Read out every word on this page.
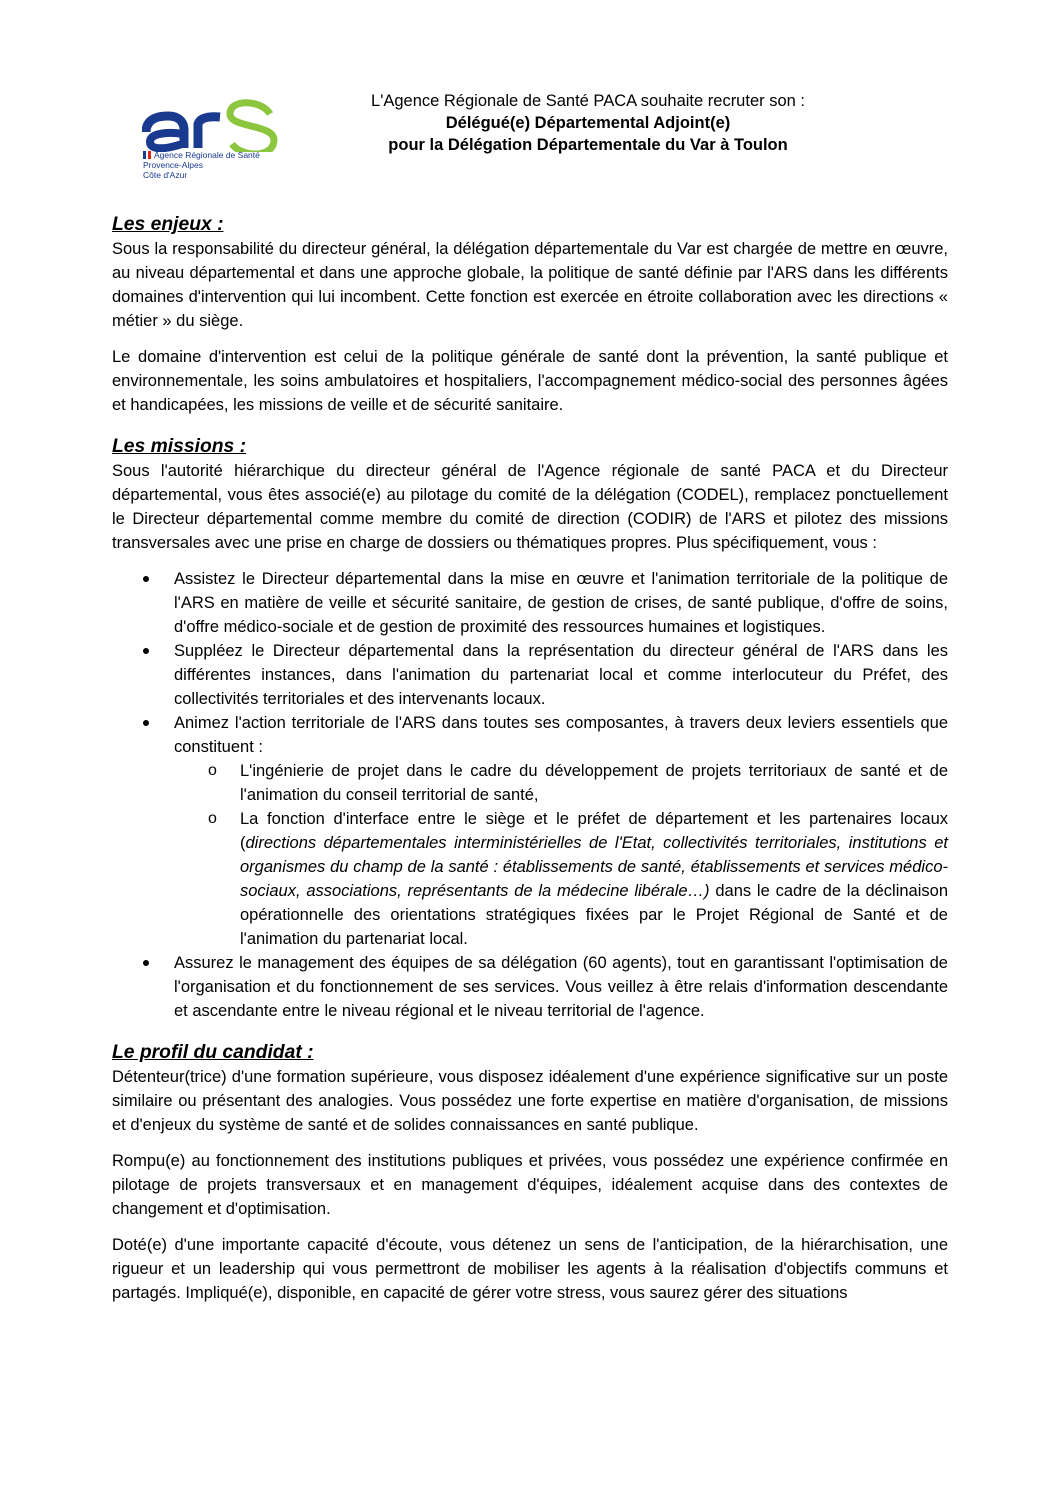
Agence Régionale de Santé
Provence-Alpes
Côte d'Azur
L'Agence Régionale de Santé PACA souhaite recruter son :
Délégué(e) Départemental Adjoint(e)
pour la Délégation Départementale du Var à Toulon
Les enjeux :

Sous la responsabilité du directeur général, la délégation départementale du Var est chargée de mettre en œuvre, au niveau départemental et dans une approche globale, la politique de santé définie par l'ARS dans les différents domaines d'intervention qui lui incombent. Cette fonction est exercée en étroite collaboration avec les directions « métier » du siège.

Le domaine d'intervention est celui de la politique générale de santé dont la prévention, la santé publique et environnementale, les soins ambulatoires et hospitaliers, l'accompagnement médico-social des personnes âgées et handicapées, les missions de veille et de sécurité sanitaire.

Les missions :

Sous l'autorité hiérarchique du directeur général de l'Agence régionale de santé PACA et du Directeur départemental, vous êtes associé(e) au pilotage du comité de la délégation (CODEL), remplacez ponctuellement le Directeur départemental comme membre du comité de direction (CODIR) de l'ARS et pilotez des missions transversales avec une prise en charge de dossiers ou thématiques propres. Plus spécifiquement, vous :

Assistez le Directeur départemental dans la mise en œuvre et l'animation territoriale de la politique de l'ARS en matière de veille et sécurité sanitaire, de gestion de crises, de santé publique, d'offre de soins, d'offre médico-sociale et de gestion de proximité des ressources humaines et logistiques.
Suppléez le Directeur départemental dans la représentation du directeur général de l'ARS dans les différentes instances, dans l'animation du partenariat local et comme interlocuteur du Préfet, des collectivités territoriales et des intervenants locaux.
Animez l'action territoriale de l'ARS dans toutes ses composantes, à travers deux leviers essentiels que constituent :
o L'ingénierie de projet dans le cadre du développement de projets territoriaux de santé et de l'animation du conseil territorial de santé,
o La fonction d'interface entre le siège et le préfet de département et les partenaires locaux (directions départementales interministérielles de l'Etat, collectivités territoriales, institutions et organismes du champ de la santé : établissements de santé, établissements et services médico-sociaux, associations, représentants de la médecine libérale…) dans le cadre de la déclinaison opérationnelle des orientations stratégiques fixées par le Projet Régional de Santé et de l'animation du partenariat local.
Assurez le management des équipes de sa délégation (60 agents), tout en garantissant l'optimisation de l'organisation et du fonctionnement de ses services. Vous veillez à être relais d'information descendante et ascendante entre le niveau régional et le niveau territorial de l'agence.
Le profil du candidat :

Détenteur(trice) d'une formation supérieure, vous disposez idéalement d'une expérience significative sur un poste similaire ou présentant des analogies. Vous possédez une forte expertise en matière d'organisation, de missions et d'enjeux du système de santé et de solides connaissances en santé publique.

Rompu(e) au fonctionnement des institutions publiques et privées, vous possédez une expérience confirmée en pilotage de projets transversaux et en management d'équipes, idéalement acquise dans des contextes de changement et d'optimisation.

Doté(e) d'une importante capacité d'écoute, vous détenez un sens de l'anticipation, de la hiérarchisation, une rigueur et un leadership qui vous permettront de mobiliser les agents à la réalisation d'objectifs communs et partagés. Impliqué(e), disponible, en capacité de gérer votre stress, vous saurez gérer des situations
